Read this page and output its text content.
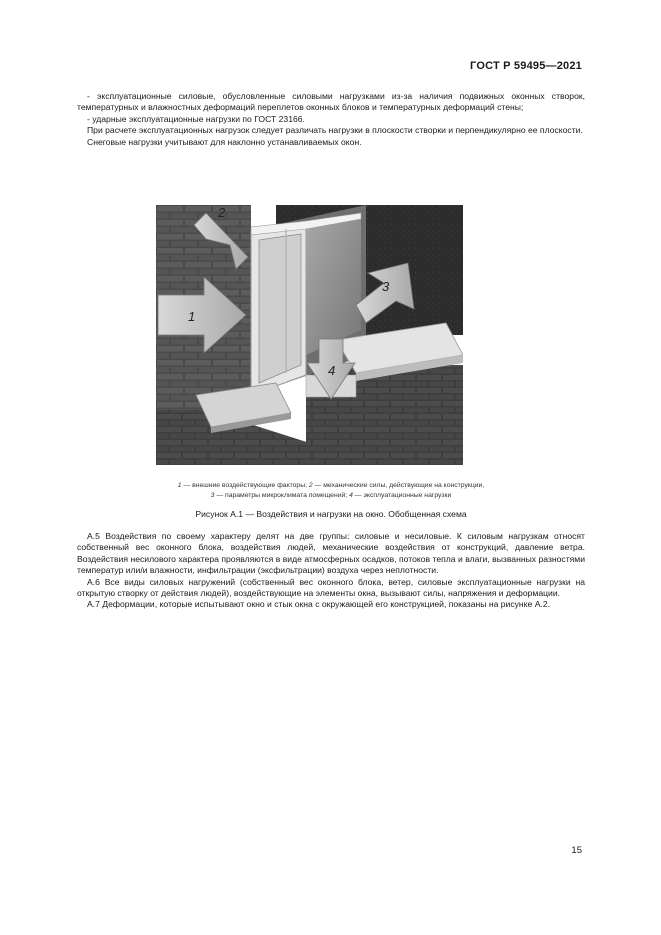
ГОСТ Р 59495—2021

- эксплуатационные силовые, обусловленные силовыми нагрузками из-за наличия подвижных оконных створок, температурных и влажностных деформаций переплетов оконных блоков и температурных деформаций стены;

- ударные эксплуатационные нагрузки по ГОСТ 23166.

При расчете эксплуатационных нагрузок следует различать нагрузки в плоскости створки и перпендикулярно ее плоскости.

Снеговые нагрузки учитывают для наклонно устанавливаемых окон.

2
1
3
4
1 — внешние воздействующие факторы; 2 — механические силы, действующие на конструкции,
3 — параметры микроклимата помещений; 4 — эксплуатационные нагрузки
Рисунок А.1 — Воздействия и нагрузки на окно. Обобщенная схема

А.5 Воздействия по своему характеру делят на две группы: силовые и несиловые. К силовым нагрузкам относят собственный вес оконного блока, воздействия людей, механические воздействия от конструкций, давление ветра. Воздействия несилового характера проявляются в виде атмосферных осадков, потоков тепла и влаги, вызванных разностями температур или/и влажности, инфильтрации (эксфильтрации) воздуха через неплотности.

А.6 Все виды силовых нагружений (собственный вес оконного блока, ветер, силовые эксплуатационные нагрузки на открытую створку от действия людей), воздействующие на элементы окна, вызывают силы, напряжения и деформации.

А.7 Деформации, которые испытывают окно и стык окна с окружающей его конструкцией, показаны на рисунке А.2.

15
